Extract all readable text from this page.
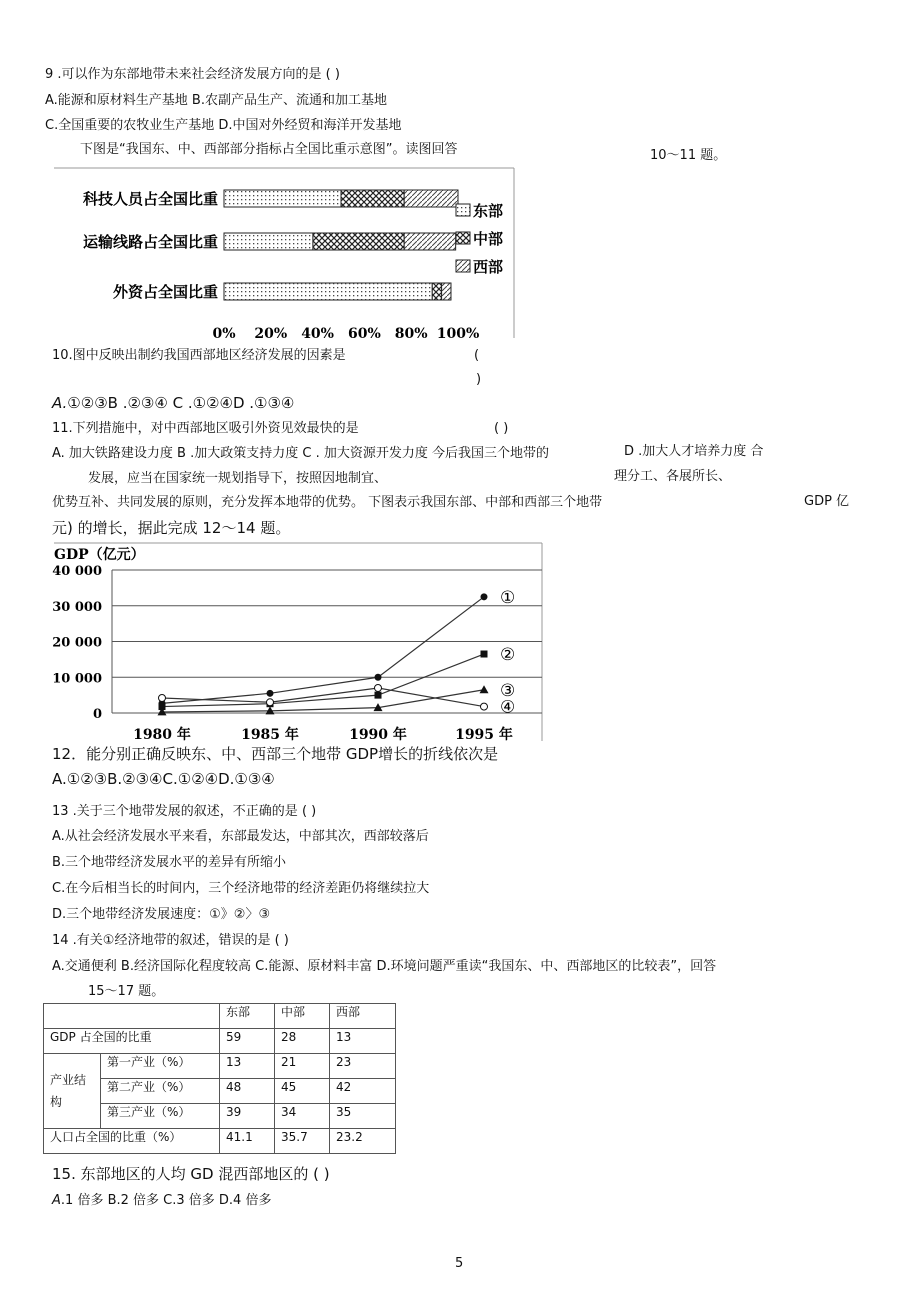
9 .可以作为东部地带未来社会经济发展方向的是 ( )
A.能源和原材料生产基地 B.农副产品生产、流通和加工基地
C.全国重要的农牧业生产基地 D.中国对外经贸和海洋开发基地
下图是“我国东、中、西部部分指标占全国比重示意图”。读图回答	10〜11 题。
科技人员占全国比重
运输线路占全国比重
外资占全国比重
0% 20% 40% 60% 80% 100%
东部
中部
西部
10.图中反映出制约我国西部地区经济发展的因素是	(
)
A.①②③B .②③④ C .①②④D .①③④
11.下列措施中，对中西部地区吸引外资见效最快的是	( )
A. 加大铁路建设力度 B .加大政策支持力度 C . 加大资源开发力度 今后我国三个地带的	D .加大人才培养力度 合
发展，应当在国家统一规划指导下，按照因地制宜、	理分工、各展所长、
优势互补、共同发展的原则，充分发挥本地带的优势。 下图表示我国东部、中部和西部三个地带	GDP 亿
元) 的增长，据此完成 12～14 题。
GDP（亿元）
40 000
30 000
20 000
10 000
0
1980 年	1985 年	1990 年	1995 年
①
②
③
④
12．能分别正确反映东、中、西部三个地带 GDP增长的折线依次是
A.①②③B.②③④C.①②④D.①③④
13 .关于三个地带发展的叙述，不正确的是 ( )
A.从社会经济发展水平来看，东部最发达，中部其次，西部较落后
B.三个地带经济发展水平的差异有所缩小
C.在今后相当长的时间内，三个经济地带的经济差距仍将继续拉大
D.三个地带经济发展速度：①》②〉③
14 .有关①经济地带的叙述，错误的是 ( )
A.交通便利 B.经济国际化程度较高 C.能源、原材料丰富 D.环境问题严重读“我国东、中、西部地区的比较表”，回答
15〜17 题。
		东部	中部	西部
GDP 占全国的比重		59	28	13
产业结构	第一产业（%）	13	21	23
	第二产业（%）	48	45	42
	第三产业（%）	39	34	35
人口占全国的比重（%）		41.1	35.7	23.2
15. 东部地区的人均 GD 混西部地区的 ( )
A.1 倍多 B.2 倍多 C.3 倍多 D.4 倍多
5
